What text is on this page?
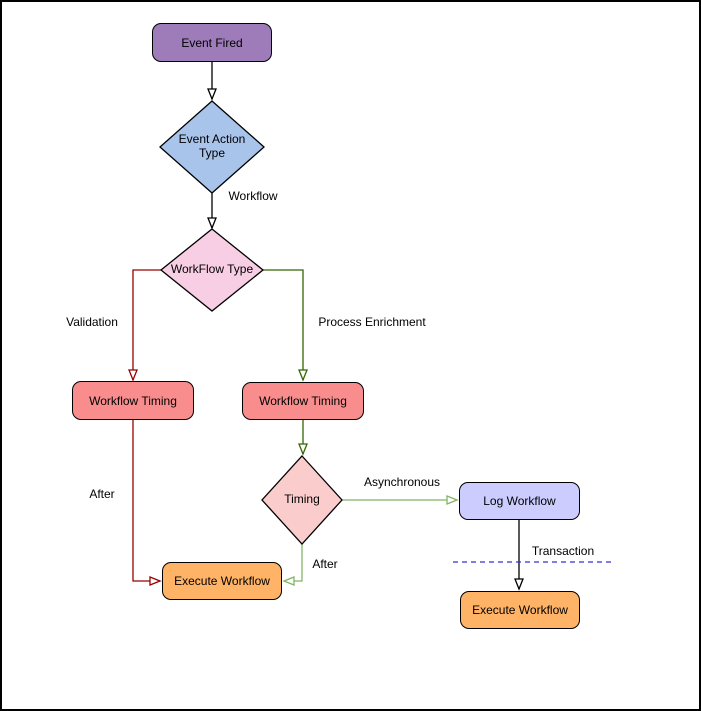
Event Fired
Workflow Timing	Workflow Timing
Log Workflow
Execute Workflow
Execute Workflow
Event Action Type
WorkFlow Type
Timing
Workflow
Validation	Process Enrichment
Asynchronous
After
After
Transaction
